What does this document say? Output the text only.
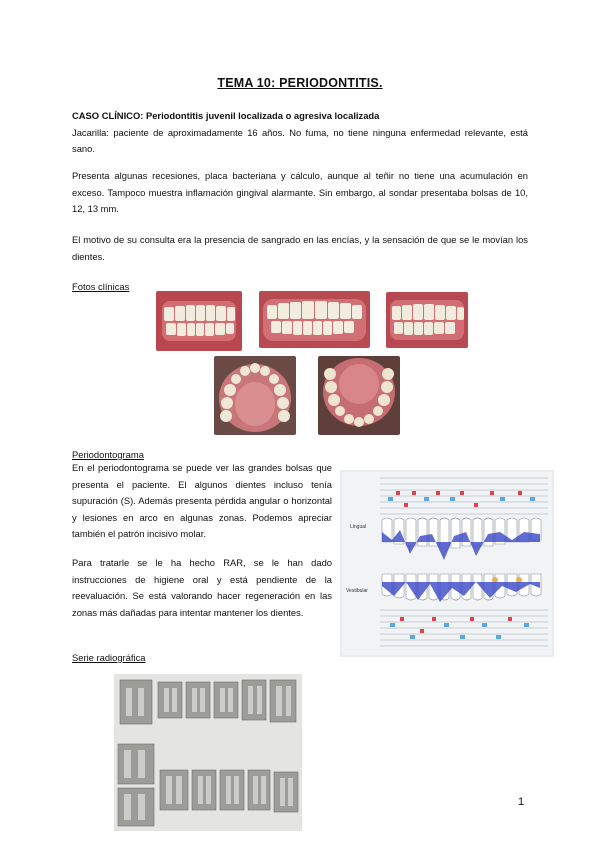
TEMA 10: PERIODONTITIS.
CASO CLÍNICO: Periodontitis juvenil localizada o agresiva localizada
Jacarilla: paciente de aproximadamente 16 años. No fuma, no tiene ninguna enfermedad relevante, está sano.
Presenta algunas recesiones, placa bacteriana y cálculo, aunque al teñir no tiene una acumulación en exceso. Tampoco muestra inflamación gingival alarmante. Sin embargo, al sondar presentaba bolsas de 10, 12, 13 mm.
El motivo de su consulta era la presencia de sangrado en las encías, y la sensación de que se le movían los dientes.
Fotos clínicas
Periodontograma
En el periodontograma se puede ver las grandes bolsas que presenta el paciente. El algunos dientes incluso tenía supuración (S). Además presenta pérdida angular o horizontal y lesiones en arco en algunas zonas. Podemos apreciar también el patrón incisivo molar.
Para tratarle se le ha hecho RAR, se le han dado instrucciones de higiene oral y está pendiente de la reevaluación. Se está valorando hacer regeneración en las zonas más dañadas para intentar mantener los dientes.
Lingual
Vestibular
Serie radiográfica
1
